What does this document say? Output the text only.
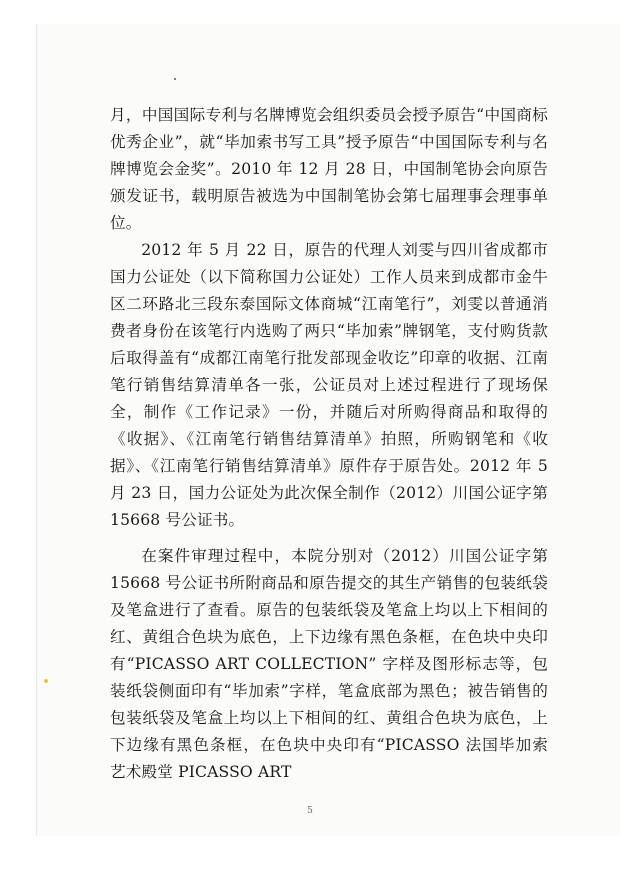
月，中国国际专利与名牌博览会组织委员会授予原告“中国商标优秀企业”，就“毕加索书写工具”授予原告“中国国际专利与名牌博览会金奖”。2010 年 12 月 28 日，中国制笔协会向原告颁发证书，载明原告被选为中国制笔协会第七届理事会理事单位。

2012 年 5 月 22 日，原告的代理人刘雯与四川省成都市国力公证处（以下简称国力公证处）工作人员来到成都市金牛区二环路北三段东泰国际文体商城“江南笔行”，刘雯以普通消费者身份在该笔行内选购了两只“毕加索”牌钢笔，支付购货款后取得盖有“成都江南笔行批发部现金收讫”印章的收据、江南笔行销售结算清单各一张，公证员对上述过程进行了现场保全，制作《工作记录》一份，并随后对所购得商品和取得的《收据》、《江南笔行销售结算清单》拍照，所购钢笔和《收据》、《江南笔行销售结算清单》原件存于原告处。2012 年 5 月 23 日，国力公证处为此次保全制作（2012）川国公证字第 15668 号公证书。

在案件审理过程中，本院分别对（2012）川国公证字第 15668 号公证书所附商品和原告提交的其生产销售的包装纸袋及笔盒进行了查看。原告的包装纸袋及笔盒上均以上下相间的红、黄组合色块为底色，上下边缘有黑色条框，在色块中央印有“PICASSO ART COLLECTION” 字样及图形标志等，包装纸袋侧面印有“毕加索”字样，笔盒底部为黑色；被告销售的包装纸袋及笔盒上均以上下相间的红、黄组合色块为底色，上下边缘有黑色条框，在色块中央印有“PICASSO 法国毕加索 艺术殿堂 PICASSO ART

5
